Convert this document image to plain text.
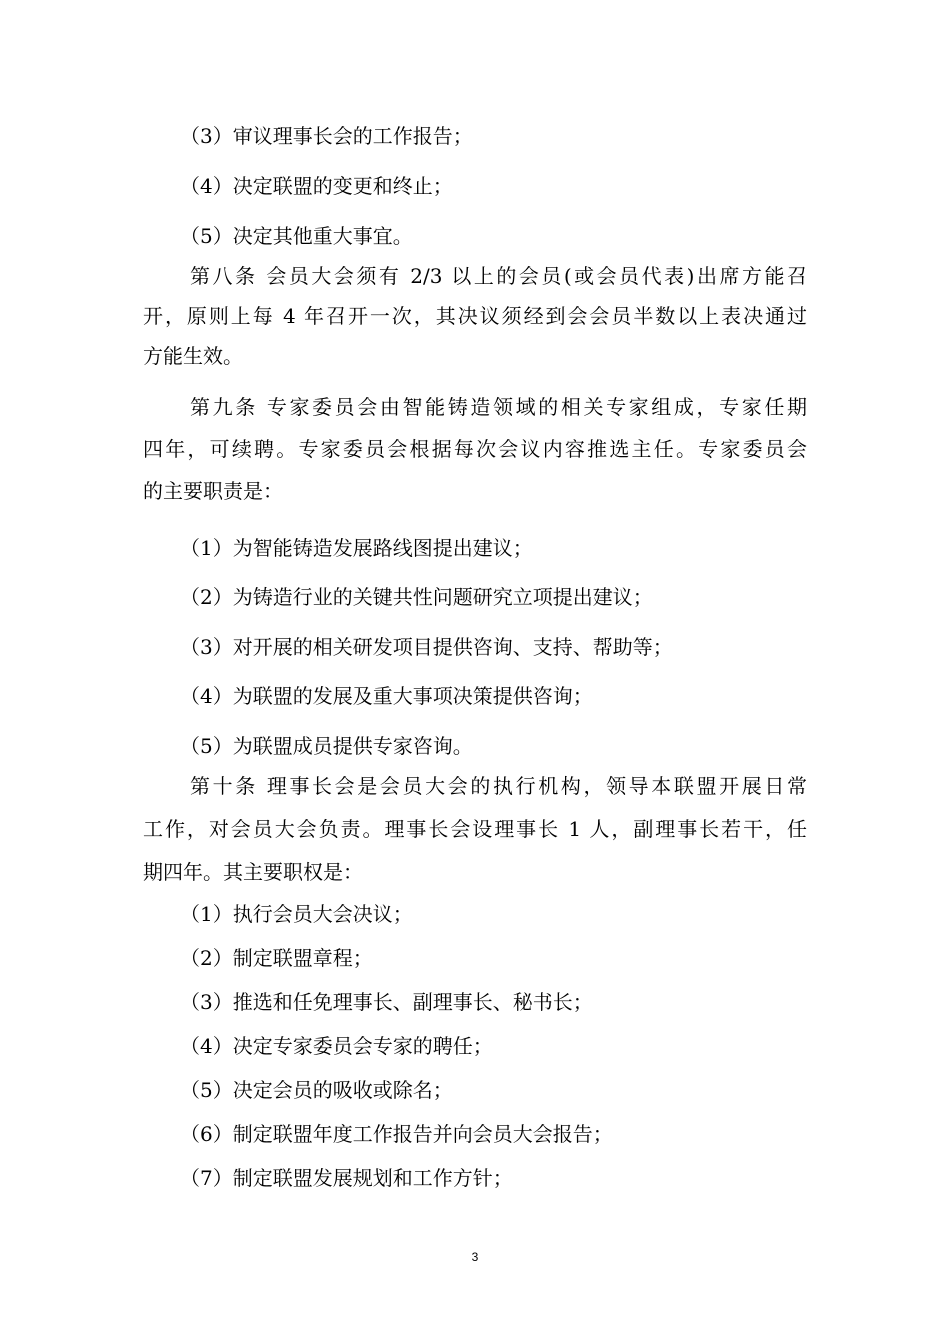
（3）审议理事长会的工作报告；

（4）决定联盟的变更和终止；

（5）决定其他重大事宜。

第八条 会员大会须有 2/3 以上的会员(或会员代表)出席方能召

开，原则上每 4 年召开一次，其决议须经到会会员半数以上表决通过

方能生效。

第九条 专家委员会由智能铸造领域的相关专家组成，专家任期

四年，可续聘。专家委员会根据每次会议内容推选主任。专家委员会

的主要职责是：

（1）为智能铸造发展路线图提出建议；

（2）为铸造行业的关键共性问题研究立项提出建议；

（3）对开展的相关研发项目提供咨询、支持、帮助等；

（4）为联盟的发展及重大事项决策提供咨询；

（5）为联盟成员提供专家咨询。

第十条 理事长会是会员大会的执行机构，领导本联盟开展日常

工作，对会员大会负责。理事长会设理事长 1 人，副理事长若干，任

期四年。其主要职权是：

（1）执行会员大会决议；

（2）制定联盟章程；

（3）推选和任免理事长、副理事长、秘书长；

（4）决定专家委员会专家的聘任；

（5）决定会员的吸收或除名；

（6）制定联盟年度工作报告并向会员大会报告；

（7）制定联盟发展规划和工作方针；

3
